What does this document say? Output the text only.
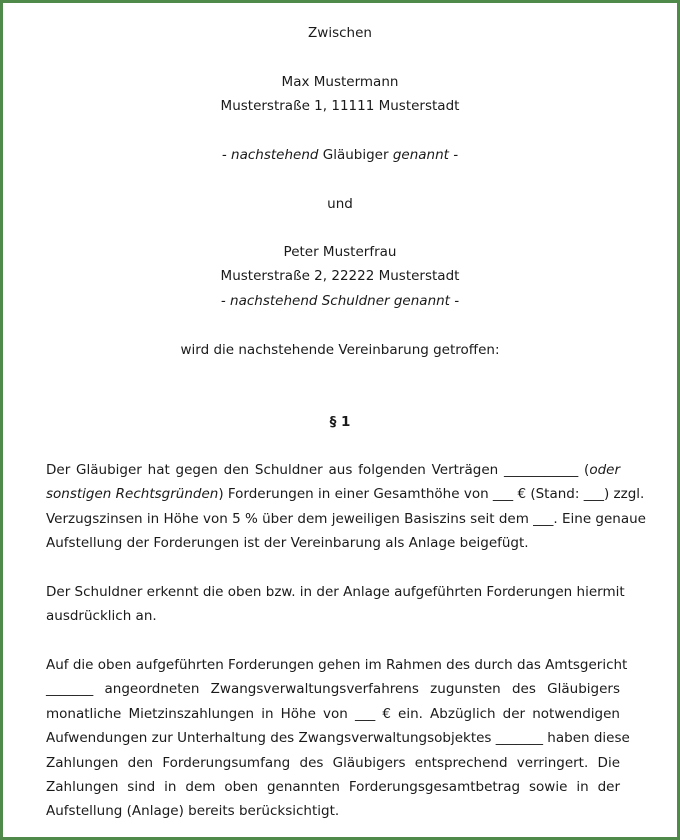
Zwischen
Max Mustermann
Musterstraße 1, 11111 Musterstadt
- nachstehend Gläubiger genannt -
und
Peter Musterfrau
Musterstraße 2, 22222 Musterstadt
- nachstehend Schuldner genannt -
wird die nachstehende Vereinbarung getroffen:
§ 1
Der Gläubiger hat gegen den Schuldner aus folgenden Verträgen ___________ (oder
sonstigen Rechtsgründen) Forderungen in einer Gesamthöhe von ___ € (Stand: ___) zzgl.
Verzugszinsen in Höhe von 5 % über dem jeweiligen Basiszins seit dem ___. Eine genaue
Aufstellung der Forderungen ist der Vereinbarung als Anlage beigefügt.
Der Schuldner erkennt die oben bzw. in der Anlage aufgeführten Forderungen hiermit
ausdrücklich an.
Auf die oben aufgeführten Forderungen gehen im Rahmen des durch das Amtsgericht
_______ angeordneten Zwangsverwaltungsverfahrens zugunsten des Gläubigers
monatliche Mietzinszahlungen in Höhe von ___ € ein. Abzüglich der notwendigen
Aufwendungen zur Unterhaltung des Zwangsverwaltungsobjektes _______ haben diese
Zahlungen den Forderungsumfang des Gläubigers entsprechend verringert. Die
Zahlungen sind in dem oben genannten Forderungsgesamtbetrag sowie in der
Aufstellung (Anlage) bereits berücksichtigt.
